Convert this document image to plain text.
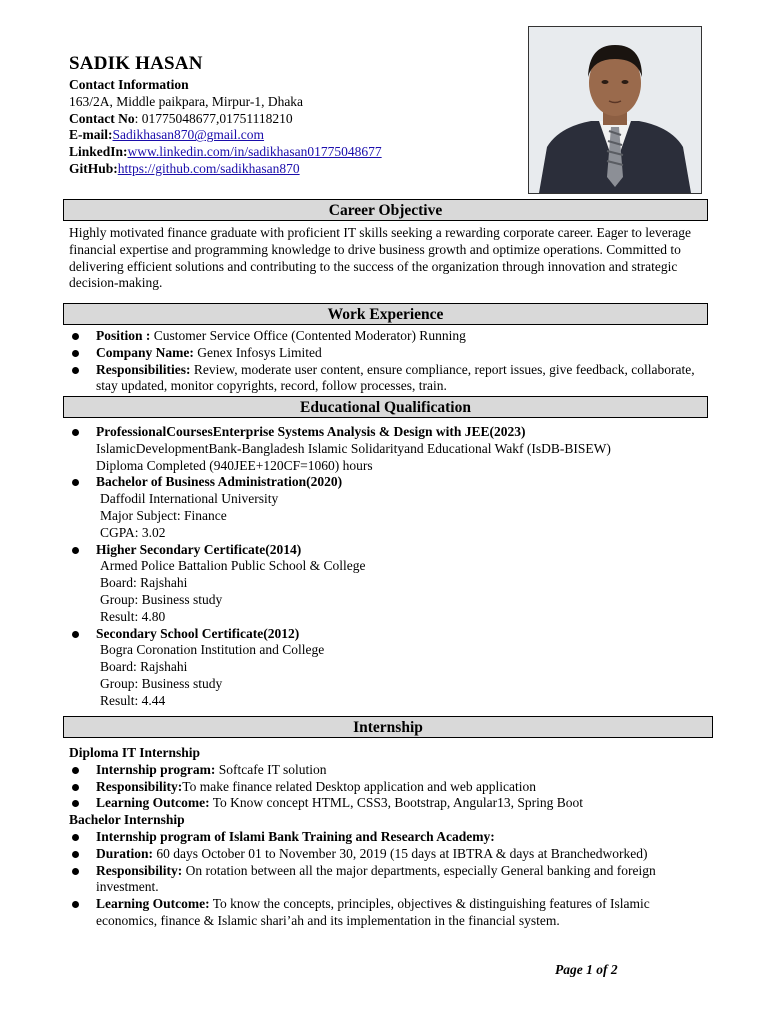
SADIK HASAN
Contact Information
163/2A, Middle paikpara, Mirpur-1, Dhaka
Contact No: 01775048677,01751118210
E-mail:Sadikhasan870@gmail.com
LinkedIn:www.linkedin.com/in/sadikhasan01775048677
GitHub:https://github.com/sadikhasan870
Career Objective
Highly motivated finance graduate with proficient IT skills seeking a rewarding corporate career. Eager to leverage financial expertise and programming knowledge to drive business growth and optimize operations. Committed to delivering efficient solutions and contributing to the success of the organization through innovation and strategic decision-making.
Work Experience
Position : Customer Service Office (Contented Moderator) Running
Company Name: Genex Infosys Limited
Responsibilities: Review, moderate user content, ensure compliance, report issues, give feedback, collaborate, stay updated, monitor copyrights, record, follow processes, train.
Educational Qualification
ProfessionalCoursesEnterprise Systems Analysis & Design with JEE(2023)
IslamicDevelopmentBank-Bangladesh Islamic Solidarityand Educational Wakf (IsDB-BISEW)
Diploma Completed (940JEE+120CF=1060) hours
Bachelor of Business Administration(2020)
Daffodil International University
Major Subject: Finance
CGPA: 3.02
Higher Secondary Certificate(2014)
Armed Police Battalion Public School & College
Board: Rajshahi
Group: Business study
Result: 4.80
Secondary School Certificate(2012)
Bogra Coronation Institution and College
Board: Rajshahi
Group: Business study
Result: 4.44
Internship
Diploma IT Internship
Internship program: Softcafe IT solution
Responsibility:To make finance related Desktop application and web application
Learning Outcome: To Know concept HTML, CSS3, Bootstrap, Angular13, Spring Boot
Bachelor Internship
Internship program of Islami Bank Training and Research Academy:
Duration: 60 days October 01 to November 30, 2019 (15 days at IBTRA & days at Branchedworked)
Responsibility: On rotation between all the major departments, especially General banking and foreign investment.
Learning Outcome: To know the concepts, principles, objectives & distinguishing features of Islamic economics, finance & Islamic shari’ah and its implementation in the financial system.
Page 1 of 2
